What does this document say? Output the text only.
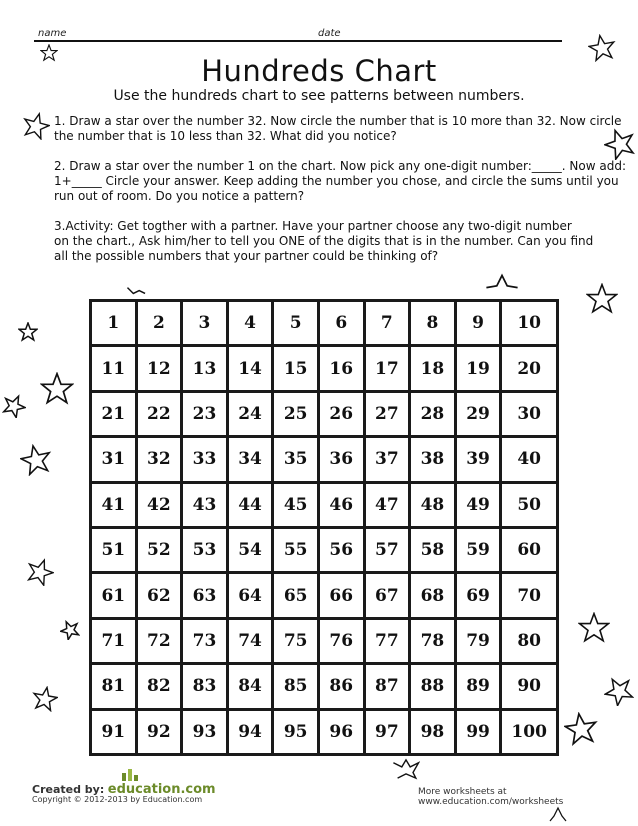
name	date
Hundreds Chart
Use the hundreds chart to see patterns between numbers.
1. Draw a star over the number 32. Now circle the number that is 10 more than 32. Now circle
the number that is 10 less than 32. What did you notice?
2. Draw a star over the number 1 on the chart. Now pick any one-digit number:_____. Now add:
1+_____ Circle your answer. Keep adding the number you chose, and circle the sums until you
run out of room. Do you notice a pattern?
3.Activity: Get togther with a partner. Have your partner choose any two-digit number
on the chart., Ask him/her to tell you ONE of the digits that is in the number. Can you find
all the possible numbers that your partner could be thinking of?
1	2	3	4	5	6	7	8	9	10
11	12	13	14	15	16	17	18	19	20
21	22	23	24	25	26	27	28	29	30
31	32	33	34	35	36	37	38	39	40
41	42	43	44	45	46	47	48	49	50
51	52	53	54	55	56	57	58	59	60
61	62	63	64	65	66	67	68	69	70
71	72	73	74	75	76	77	78	79	80
81	82	83	84	85	86	87	88	89	90
91	92	93	94	95	96	97	98	99	100
Created by: education.com
Copyright © 2012-2013 by Education.com
More worksheets at www.education.com/worksheets
